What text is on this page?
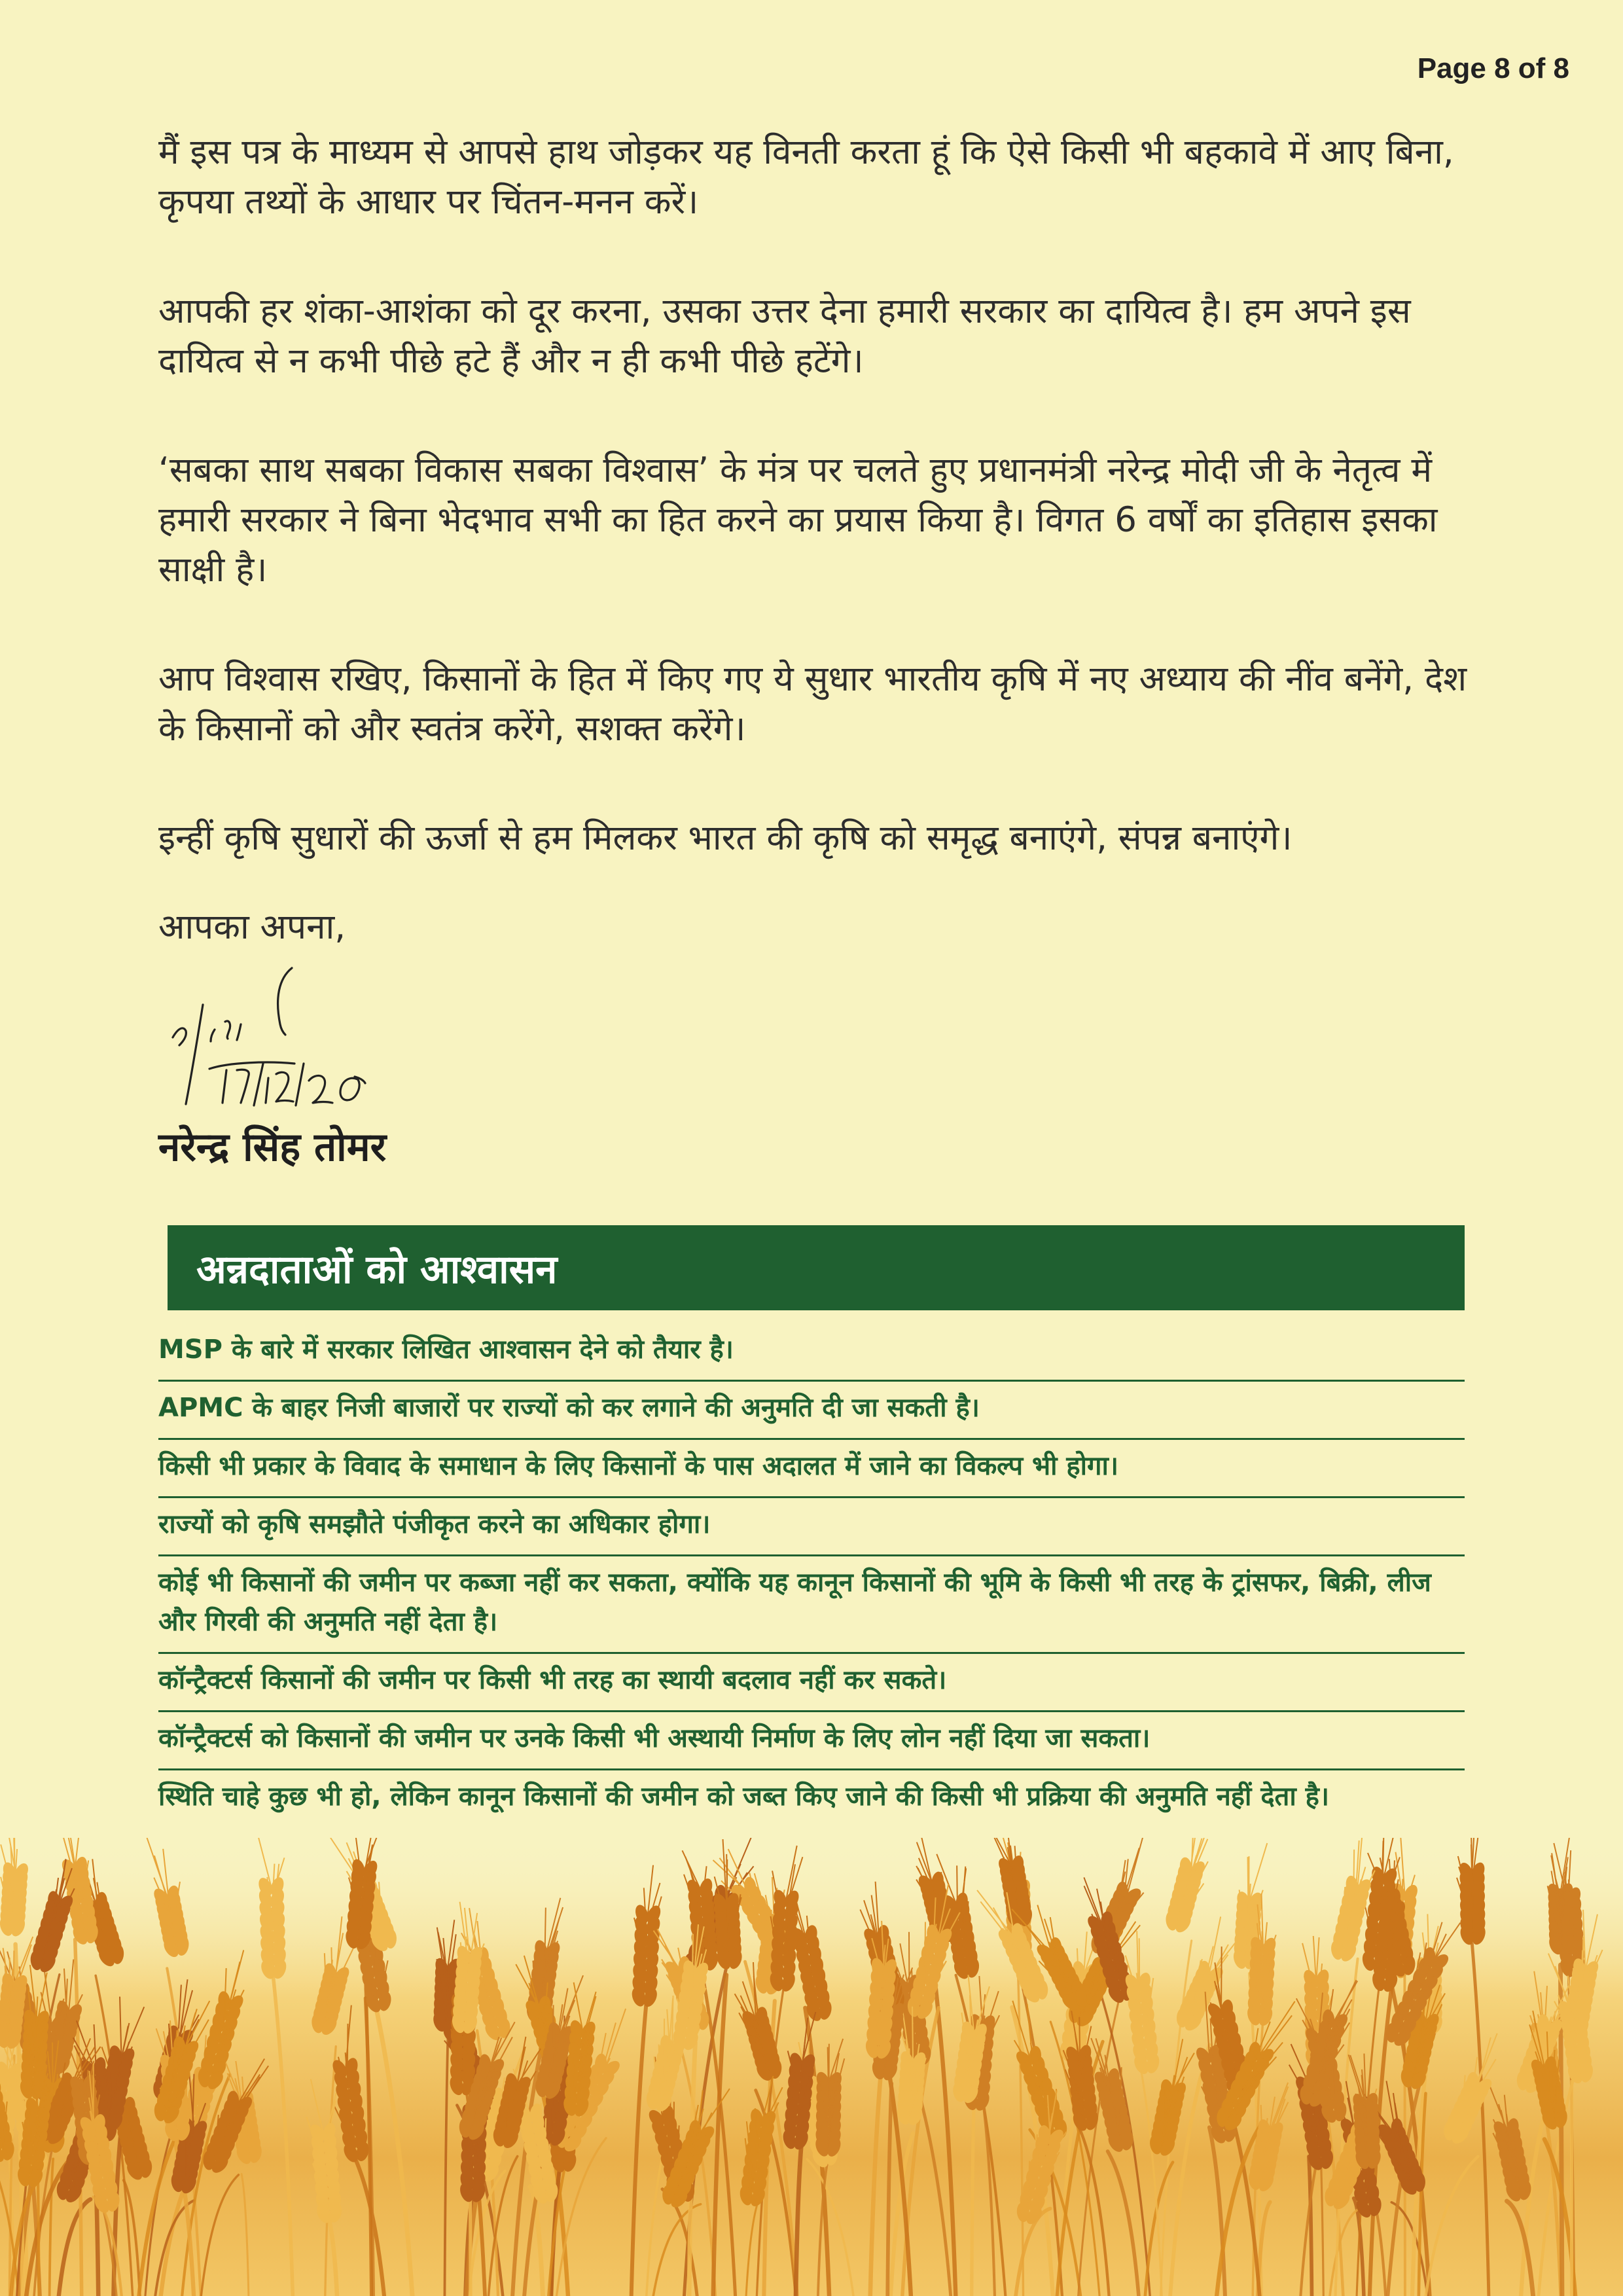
Page 8 of 8

मैं इस पत्र के माध्यम से आपसे हाथ जोड़कर यह विनती करता हूं कि ऐसे किसी भी बहकावे में आए बिना, कृपया तथ्यों के आधार पर चिंतन-मनन करें।

आपकी हर शंका-आशंका को दूर करना, उसका उत्तर देना हमारी सरकार का दायित्व है। हम अपने इस दायित्व से न कभी पीछे हटे हैं और न ही कभी पीछे हटेंगे।

‘सबका साथ सबका विकास सबका विश्वास’ के मंत्र पर चलते हुए प्रधानमंत्री नरेन्द्र मोदी जी के नेतृत्व में हमारी सरकार ने बिना भेदभाव सभी का हित करने का प्रयास किया है। विगत 6 वर्षों का इतिहास इसका साक्षी है।

आप विश्वास रखिए, किसानों के हित में किए गए ये सुधार भारतीय कृषि में नए अध्याय की नींव बनेंगे, देश के किसानों को और स्वतंत्र करेंगे, सशक्त करेंगे।

इन्हीं कृषि सुधारों की ऊर्जा से हम मिलकर भारत की कृषि को समृद्ध बनाएंगे, संपन्न बनाएंगे।

आपका अपना,

नरेन्द्र सिंह तोमर

अन्नदाताओं को आश्वासन
MSP के बारे में सरकार लिखित आश्वासन देने को तैयार है।
APMC के बाहर निजी बाजारों पर राज्यों को कर लगाने की अनुमति दी जा सकती है।
किसी भी प्रकार के विवाद के समाधान के लिए किसानों के पास अदालत में जाने का विकल्प भी होगा।
राज्यों को कृषि समझौते पंजीकृत करने का अधिकार होगा।
कोई भी किसानों की जमीन पर कब्जा नहीं कर सकता, क्योंकि यह कानून किसानों की भूमि के किसी भी तरह के ट्रांसफर, बिक्री, लीज और गिरवी की अनुमति नहीं देता है।
कॉन्ट्रैक्टर्स किसानों की जमीन पर किसी भी तरह का स्थायी बदलाव नहीं कर सकते।
कॉन्ट्रैक्टर्स को किसानों की जमीन पर उनके किसी भी अस्थायी निर्माण के लिए लोन नहीं दिया जा सकता।
स्थिति चाहे कुछ भी हो, लेकिन कानून किसानों की जमीन को जब्त किए जाने की किसी भी प्रक्रिया की अनुमति नहीं देता है।
